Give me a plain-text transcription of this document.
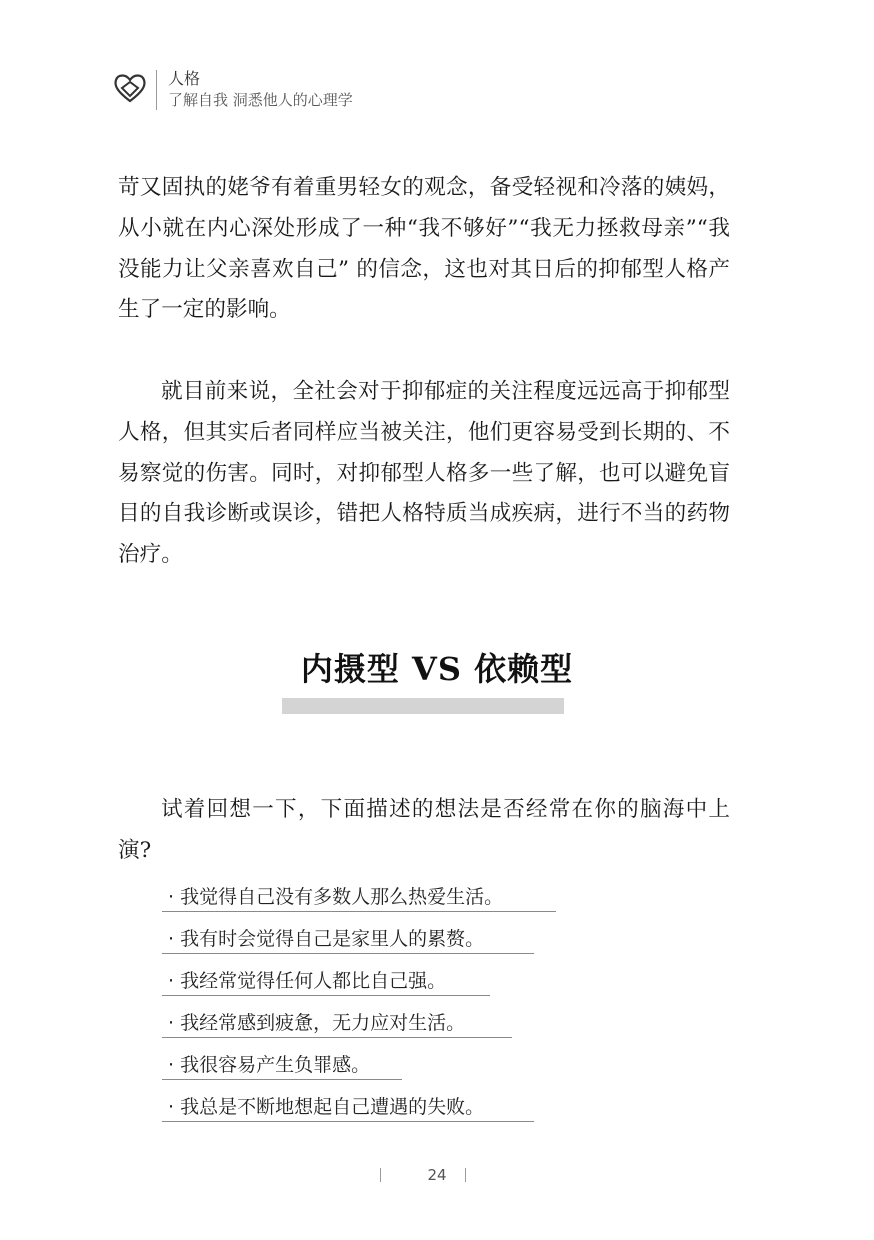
人格
了解自我 洞悉他人的心理学

苛又固执的姥爷有着重男轻女的观念，备受轻视和冷落的姨妈，从小就在内心深处形成了一种“我不够好”“我无力拯救母亲”“我没能力让父亲喜欢自己” 的信念，这也对其日后的抑郁型人格产生了一定的影响。

就目前来说，全社会对于抑郁症的关注程度远远高于抑郁型人格，但其实后者同样应当被关注，他们更容易受到长期的、不易察觉的伤害。同时，对抑郁型人格多一些了解，也可以避免盲目的自我诊断或误诊，错把人格特质当成疾病，进行不当的药物治疗。

内摄型 VS 依赖型

试着回想一下，下面描述的想法是否经常在你的脑海中上演?

· 我觉得自己没有多数人那么热爱生活。
· 我有时会觉得自己是家里人的累赘。
· 我经常觉得任何人都比自己强。
· 我经常感到疲惫，无力应对生活。
· 我很容易产生负罪感。
· 我总是不断地想起自己遭遇的失败。
24
